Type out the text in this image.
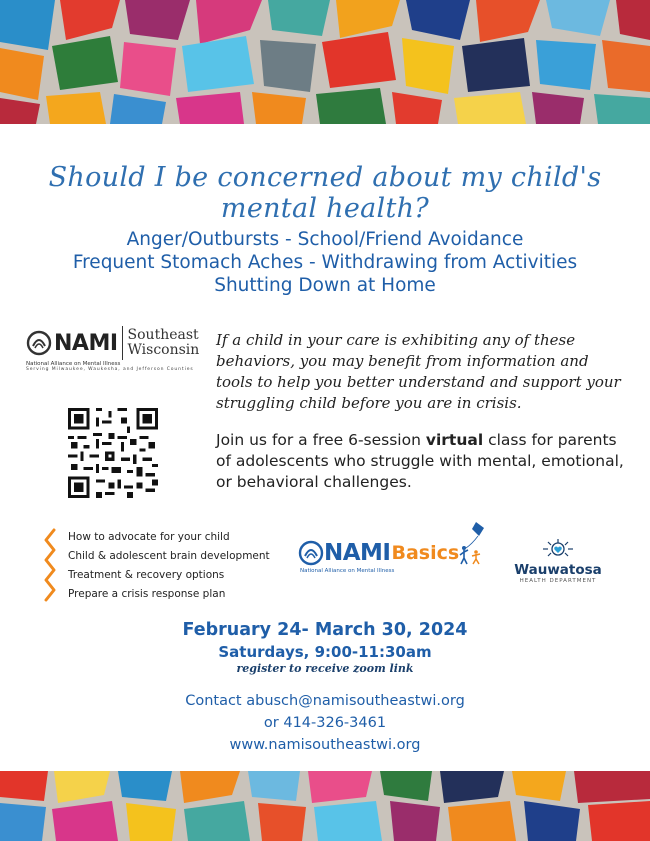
Should I be concerned about my child's mental health?
Anger/Outbursts - School/Friend Avoidance
Frequent Stomach Aches - Withdrawing from Activities
Shutting Down at Home
NAMI Southeast
Wisconsin
National Alliance on Mental Illness
Serving Milwaukee, Waukesha, and Jefferson Counties
If a child in your care is exhibiting any of these behaviors, you may benefit from information and tools to help you better understand and support your struggling child before you are in crisis.
Join us for a free 6-session virtual class for parents of adolescents who struggle with mental, emotional, or behavioral challenges.
How to advocate for your child
Child & adolescent brain development
Treatment & recovery options
Prepare a crisis response plan
NAMI Basics
National Alliance on Mental Illness	Wauwatosa
HEALTH DEPARTMENT
February 24- March 30, 2024
Saturdays, 9:00-11:30am
register to receive zoom link
Contact abusch@namisoutheastwi.org
or 414-326-3461
www.namisoutheastwi.org
